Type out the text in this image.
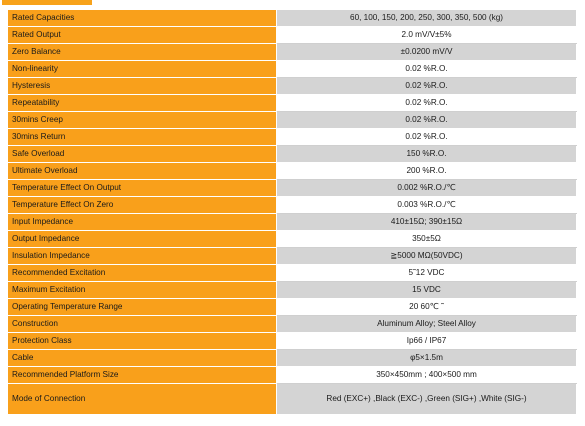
Rated Capacities	60, 100, 150, 200, 250, 300, 350, 500 (kg)
Rated Output	2.0 mV/V±5%
Zero Balance	±0.0200 mV/V
Non-linearity	0.02 %R.O.
Hysteresis	0.02 %R.O.
Repeatability	0.02 %R.O.
30mins Creep	0.02 %R.O.
30mins Return	0.02 %R.O.
Safe Overload	150 %R.O.
Ultimate Overload	200 %R.O.
Temperature Effect On Output	0.002 %R.O./℃
Temperature Effect On Zero	0.003 %R.O./℃
Input Impedance	410±15Ω; 390±15Ω
Output Impedance	350±5Ω
Insulation Impedance	≧5000 MΩ(50VDC)
Recommended Excitation	5˜12 VDC
Maximum Excitation	15 VDC
Operating Temperature Range	20 60℃ ˜
Construction	Aluminum Alloy; Steel Alloy
Protection Class	Ip66 / IP67
Cable	φ5×1.5m
Recommended Platform Size	350×450mm ; 400×500 mm
Mode of Connection	Red (EXC+) ,Black (EXC-) ,Green (SIG+) ,White (SIG-)
